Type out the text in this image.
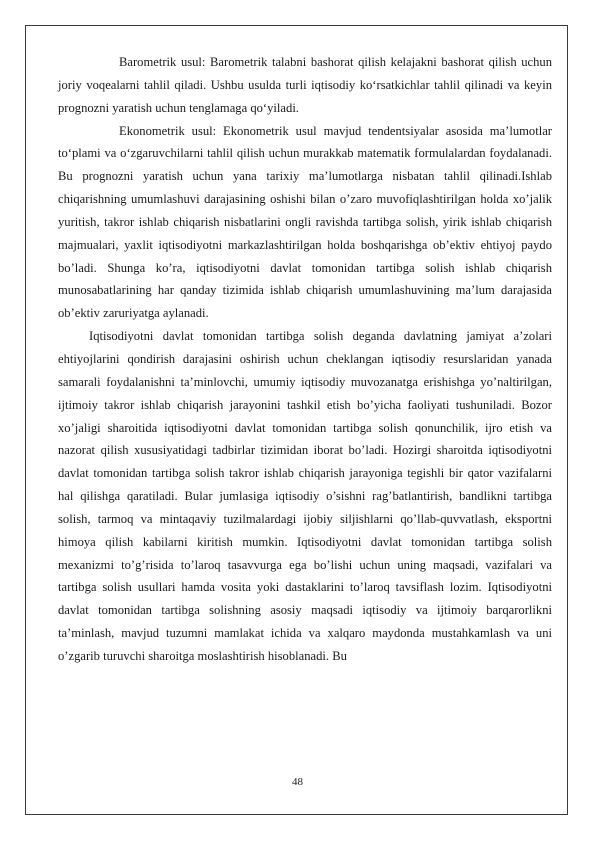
Barometrik usul: Barometrik talabni bashorat qilish kelajakni bashorat qilish uchun joriy voqealarni tahlil qiladi. Ushbu usulda turli iqtisodiy ko‘rsatkichlar tahlil qilinadi va keyin prognozni yaratish uchun tenglamaga qo‘yiladi.

Ekonometrik usul: Ekonometrik usul mavjud tendentsiyalar asosida ma’lumotlar to‘plami va o‘zgaruvchilarni tahlil qilish uchun murakkab matematik formulalardan foydalanadi. Bu prognozni yaratish uchun yana tarixiy ma’lumotlarga nisbatan tahlil qilinadi.Ishlab chiqarishning umumlashuvi darajasining oshishi bilan o’zaro muvofiqlashtirilgan holda xo’jalik yuritish, takror ishlab chiqarish nisbatlarini ongli ravishda tartibga solish, yirik ishlab chiqarish majmualari, yaxlit iqtisodiyotni markazlashtirilgan holda boshqarishga ob’ektiv ehtiyoj paydo bo’ladi. Shunga ko’ra, iqtisodiyotni davlat tomonidan tartibga solish ishlab chiqarish munosabatlarining har qanday tizimida ishlab chiqarish umumlashuvining ma’lum darajasida ob’ektiv zaruriyatga aylanadi.

Iqtisodiyotni davlat tomonidan tartibga solish deganda davlatning jamiyat a’zolari ehtiyojlarini qondirish darajasini oshirish uchun cheklangan iqtisodiy resurslaridan yanada samarali foydalanishni ta’minlovchi, umumiy iqtisodiy muvozanatga erishishga yo’naltirilgan, ijtimoiy takror ishlab chiqarish jarayonini tashkil etish bo’yicha faoliyati tushuniladi. Bozor xo’jaligi sharoitida iqtisodiyotni davlat tomonidan tartibga solish qonunchilik, ijro etish va nazorat qilish xususiyatidagi tadbirlar tizimidan iborat bo’ladi. Hozirgi sharoitda iqtisodiyotni davlat tomonidan tartibga solish takror ishlab chiqarish jarayoniga tegishli bir qator vazifalarni hal qilishga qaratiladi. Bular jumlasiga iqtisodiy o’sishni rag’batlantirish, bandlikni tartibga solish, tarmoq va mintaqaviy tuzilmalardagi ijobiy siljishlarni qo’llab-quvvatlash, eksportni himoya qilish kabilarni kiritish mumkin. Iqtisodiyotni davlat tomonidan tartibga solish mexanizmi to’g’risida to’laroq tasavvurga ega bo’lishi uchun uning maqsadi, vazifalari va tartibga solish usullari hamda vosita yoki dastaklarini to’laroq tavsiflash lozim. Iqtisodiyotni davlat tomonidan tartibga solishning asosiy maqsadi iqtisodiy va ijtimoiy barqarorlikni ta’minlash, mavjud tuzumni mamlakat ichida va xalqaro maydonda mustahkamlash va uni o’zgarib turuvchi sharoitga moslashtirish hisoblanadi. Bu

48
